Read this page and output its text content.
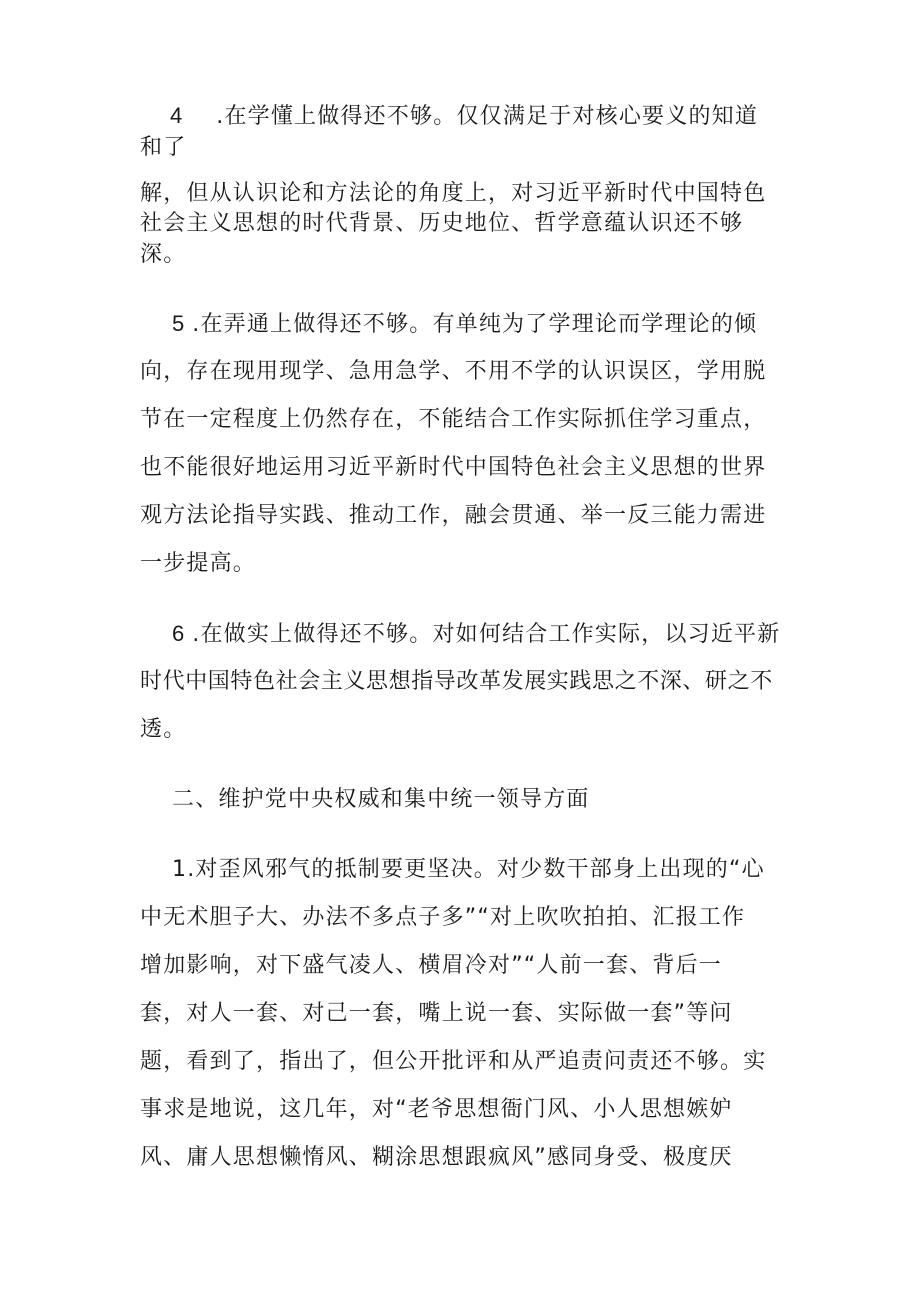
4 .在学懂上做得还不够。仅仅满足于对核心要义的知道
和了
解，但从认识论和方法论的角度上，对习近平新时代中国特色
社会主义思想的时代背景、历史地位、哲学意蕴认识还不够
深。
5 .在弄通上做得还不够。有单纯为了学理论而学理论的倾
向，存在现用现学、急用急学、不用不学的认识误区，学用脱
节在一定程度上仍然存在，不能结合工作实际抓住学习重点，
也不能很好地运用习近平新时代中国特色社会主义思想的世界
观方法论指导实践、推动工作，融会贯通、举一反三能力需进
一步提高。
6 .在做实上做得还不够。对如何结合工作实际，以习近平新
时代中国特色社会主义思想指导改革发展实践思之不深、研之不
透。
二、维护党中央权威和集中统一领导方面
1.对歪风邪气的抵制要更坚决。对少数干部身上出现的“心
中无术胆子大、办法不多点子多”“对上吹吹拍拍、汇报工作
增加影响，对下盛气凌人、横眉冷对”“人前一套、背后一
套，对人一套、对己一套，嘴上说一套、实际做一套”等问
题，看到了，指出了，但公开批评和从严追责问责还不够。实
事求是地说，这几年，对“老爷思想衙门风、小人思想嫉妒
风、庸人思想懒惰风、糊涂思想跟疯风”感同身受、极度厌
